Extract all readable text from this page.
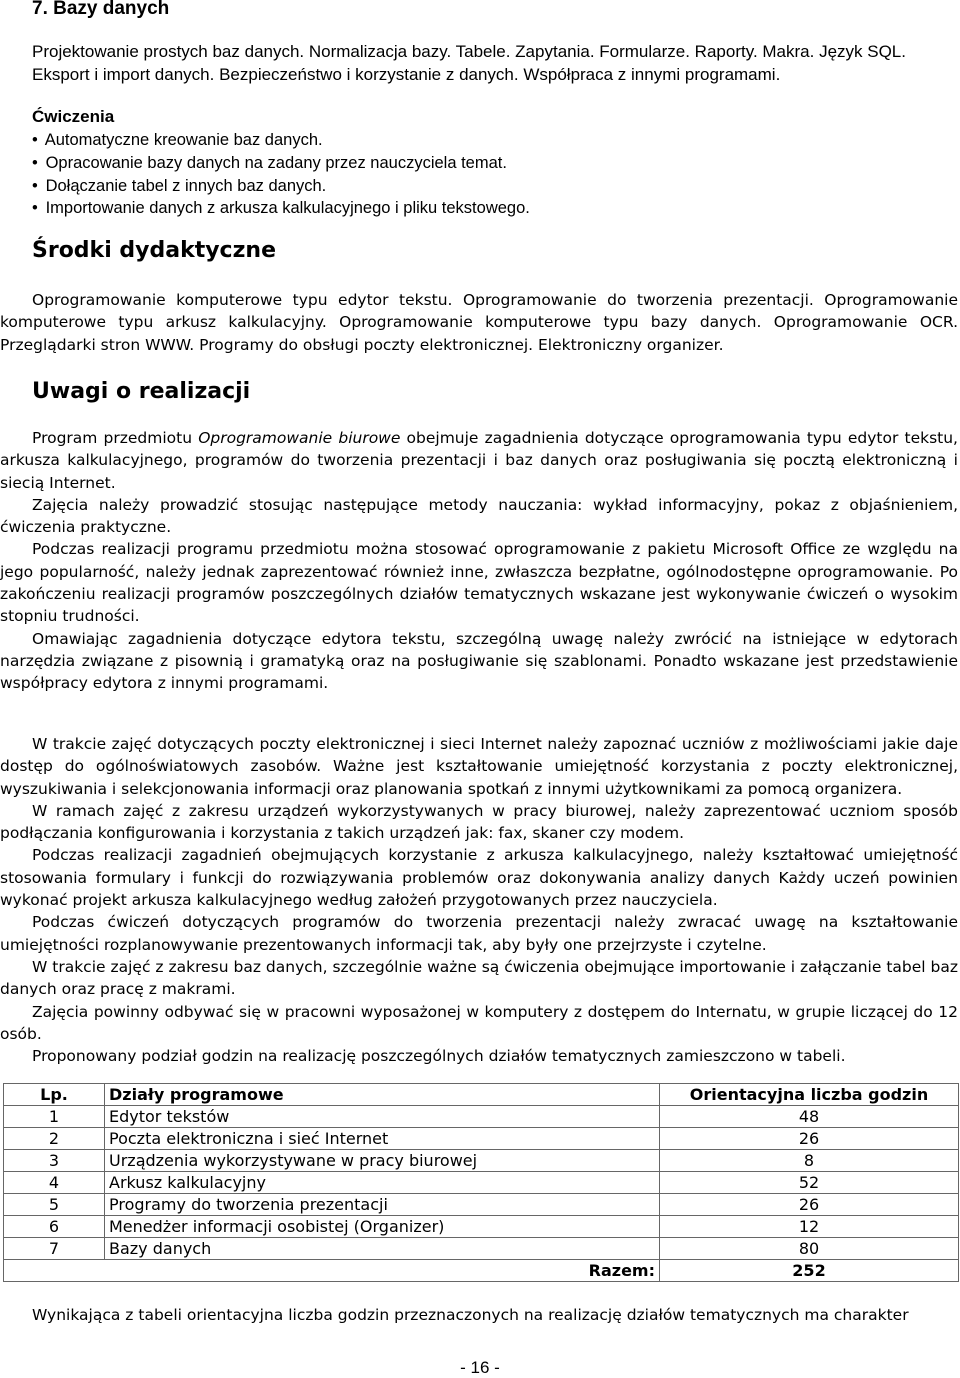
7. Bazy danych
Projektowanie prostych baz danych. Normalizacja bazy. Tabele. Zapytania. Formularze. Raporty. Makra. Język SQL. Eksport i import danych. Bezpieczeństwo i korzystanie z danych. Współpraca z innymi programami.
Ćwiczenia
• Automatyczne kreowanie baz danych.
• Opracowanie bazy danych na zadany przez nauczyciela temat.
• Dołączanie tabel z innych baz danych.
• Importowanie danych z arkusza kalkulacyjnego i pliku tekstowego.
Środki dydaktyczne

Oprogramowanie komputerowe typu edytor tekstu. Oprogramowanie do tworzenia prezentacji. Oprogramowanie komputerowe typu arkusz kalkulacyjny. Oprogramowanie komputerowe typu bazy danych. Oprogramowanie OCR. Przeglądarki stron WWW. Programy do obsługi poczty elektronicznej. Elektroniczny organizer.

Uwagi o realizacji

Program przedmiotu Oprogramowanie biurowe obejmuje zagadnienia dotyczące oprogramowania typu edytor tekstu, arkusza kalkulacyjnego, programów do tworzenia prezentacji i baz danych oraz posługiwania się pocztą elektroniczną i siecią Internet.

Zajęcia należy prowadzić stosując następujące metody nauczania: wykład informacyjny, pokaz z objaśnieniem, ćwiczenia praktyczne.

Podczas realizacji programu przedmiotu można stosować oprogramowanie z pakietu Microsoft Office ze względu na jego popularność, należy jednak zaprezentować również inne, zwłaszcza bezpłatne, ogólnodostępne oprogramowanie. Po zakończeniu realizacji programów poszczególnych działów tematycznych wskazane jest wykonywanie ćwiczeń o wysokim stopniu trudności.

Omawiając zagadnienia dotyczące edytora tekstu, szczególną uwagę należy zwrócić na istniejące w edytorach narzędzia związane z pisownią i gramatyką oraz na posługiwanie się szablonami. Ponadto wskazane jest przedstawienie współpracy edytora z innymi programami.

W trakcie zajęć dotyczących poczty elektronicznej i sieci Internet należy zapoznać uczniów z możliwościami jakie daje dostęp do ogólnoświatowych zasobów. Ważne jest kształtowanie umiejętność korzystania z poczty elektronicznej, wyszukiwania i selekcjonowania informacji oraz planowania spotkań z innymi użytkownikami za pomocą organizera.

W ramach zajęć z zakresu urządzeń wykorzystywanych w pracy biurowej, należy zaprezentować uczniom sposób podłączania konfigurowania i korzystania z takich urządzeń jak: fax, skaner czy modem.

Podczas realizacji zagadnień obejmujących korzystanie z arkusza kalkulacyjnego, należy kształtować umiejętność stosowania formulary i funkcji do rozwiązywania problemów oraz dokonywania analizy danych Każdy uczeń powinien wykonać projekt arkusza kalkulacyjnego według założeń przygotowanych przez nauczyciela.

Podczas ćwiczeń dotyczących programów do tworzenia prezentacji należy zwracać uwagę na kształtowanie umiejętności rozplanowywanie prezentowanych informacji tak, aby były one przejrzyste i czytelne.

W trakcie zajęć z zakresu baz danych, szczególnie ważne są ćwiczenia obejmujące importowanie i załączanie tabel baz danych oraz pracę z makrami.

Zajęcia powinny odbywać się w pracowni wyposażonej w komputery z dostępem do Internatu, w grupie liczącej do 12 osób.

Proponowany podział godzin na realizację poszczególnych działów tematycznych zamieszczono w tabeli.

Lp.	Działy programowe	Orientacyjna liczba godzin
1	Edytor tekstów	48
2	Poczta elektroniczna i sieć Internet	26
3	Urządzenia wykorzystywane w pracy biurowej	8
4	Arkusz kalkulacyjny	52
5	Programy do tworzenia prezentacji	26
6	Menedżer informacji osobistej (Organizer)	12
7	Bazy danych	80
Razem:		252
Wynikająca z tabeli orientacyjna liczba godzin przeznaczonych na realizację działów tematycznych ma charakter
- 16 -
